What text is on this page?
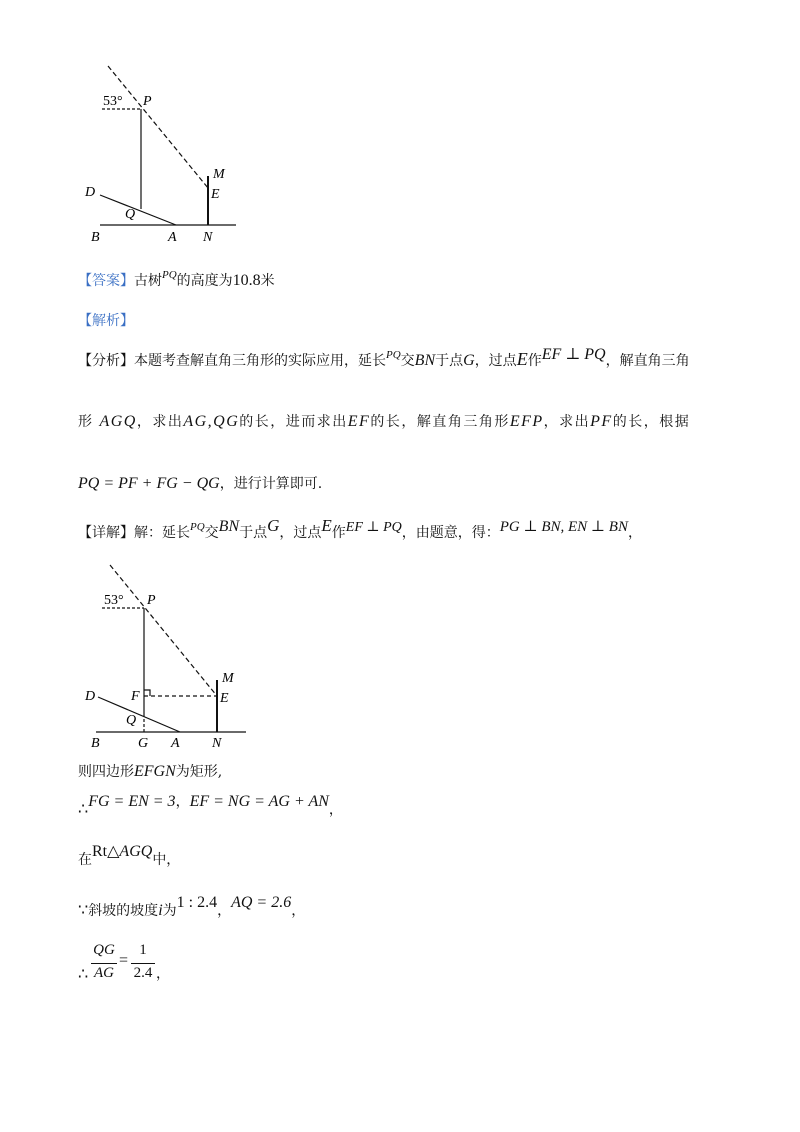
53° P
M
E
D
Q
B	A N
【答案】古树$^{PQ}$的高度为10.8米
【解析】
【分析】本题考查解直角三角形的实际应用，延长$^{PQ}$交BN于点G，过点E作EF ⊥ PQ，解直角三角
形 AGQ，求出AG,QG的长，进而求出EF的长，解直角三角形EFP，求出PF的长，根据
PQ = PF + FG − QG，进行计算即可.
【详解】解：延长$^{PQ}$交BN于点G，过点E作EF ⊥ PQ，由题意，得：PG ⊥ BN, EN ⊥ BN，
53° P
M
E
D	F
Q
B	G A N
则四边形EFGN为矩形,
∴FG = EN = 3，EF = NG = AG + AN，
在Rt△AGQ中，
∵斜坡的坡度i为1 : 2.4，AQ = 2.6，
∴
QG
AG
=
1
2.4 ，
